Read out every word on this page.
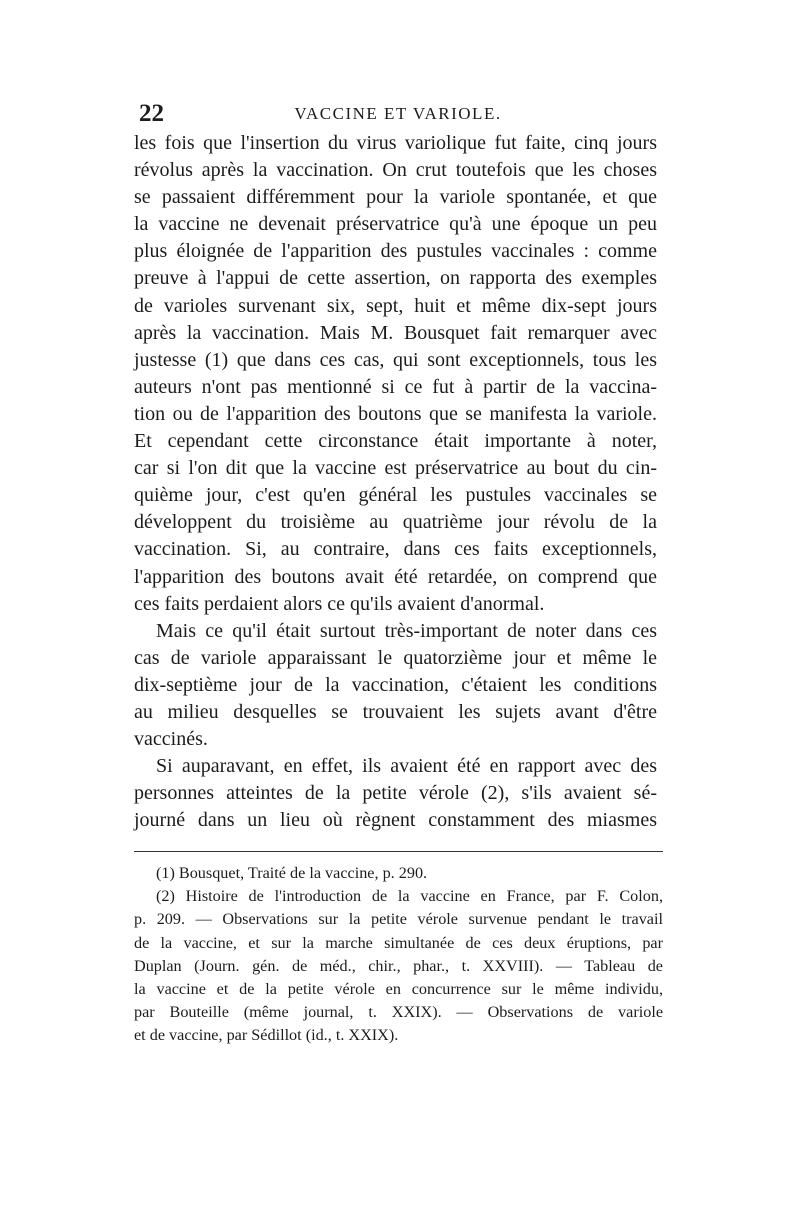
22	VACCINE ET VARIOLE.
les fois que l'insertion du virus variolique fut faite, cinq jours
révolus après la vaccination. On crut toutefois que les choses
se passaient différemment pour la variole spontanée, et que
la vaccine ne devenait préservatrice qu'à une époque un peu
plus éloignée de l'apparition des pustules vaccinales : comme
preuve à l'appui de cette assertion, on rapporta des exemples
de varioles survenant six, sept, huit et même dix-sept jours
après la vaccination. Mais M. Bousquet fait remarquer avec
justesse (1) que dans ces cas, qui sont exceptionnels, tous les
auteurs n'ont pas mentionné si ce fut à partir de la vaccina-
tion ou de l'apparition des boutons que se manifesta la variole.
Et cependant cette circonstance était importante à noter,
car si l'on dit que la vaccine est préservatrice au bout du cin-
quième jour, c'est qu'en général les pustules vaccinales se
développent du troisième au quatrième jour révolu de la
vaccination. Si, au contraire, dans ces faits exceptionnels,
l'apparition des boutons avait été retardée, on comprend que
ces faits perdaient alors ce qu'ils avaient d'anormal.
Mais ce qu'il était surtout très-important de noter dans ces
cas de variole apparaissant le quatorzième jour et même le
dix-septième jour de la vaccination, c'étaient les conditions
au milieu desquelles se trouvaient les sujets avant d'être
vaccinés.
Si auparavant, en effet, ils avaient été en rapport avec des
personnes atteintes de la petite vérole (2), s'ils avaient sé-
journé dans un lieu où règnent constamment des miasmes
(1) Bousquet, Traité de la vaccine, p. 290.
(2) Histoire de l'introduction de la vaccine en France, par F. Colon,
p. 209. — Observations sur la petite vérole survenue pendant le travail
de la vaccine, et sur la marche simultanée de ces deux éruptions, par
Duplan (Journ. gén. de méd., chir., phar., t. XXVIII). — Tableau de
la vaccine et de la petite vérole en concurrence sur le même individu,
par Bouteille (même journal, t. XXIX). — Observations de variole
et de vaccine, par Sédillot (id., t. XXIX).
